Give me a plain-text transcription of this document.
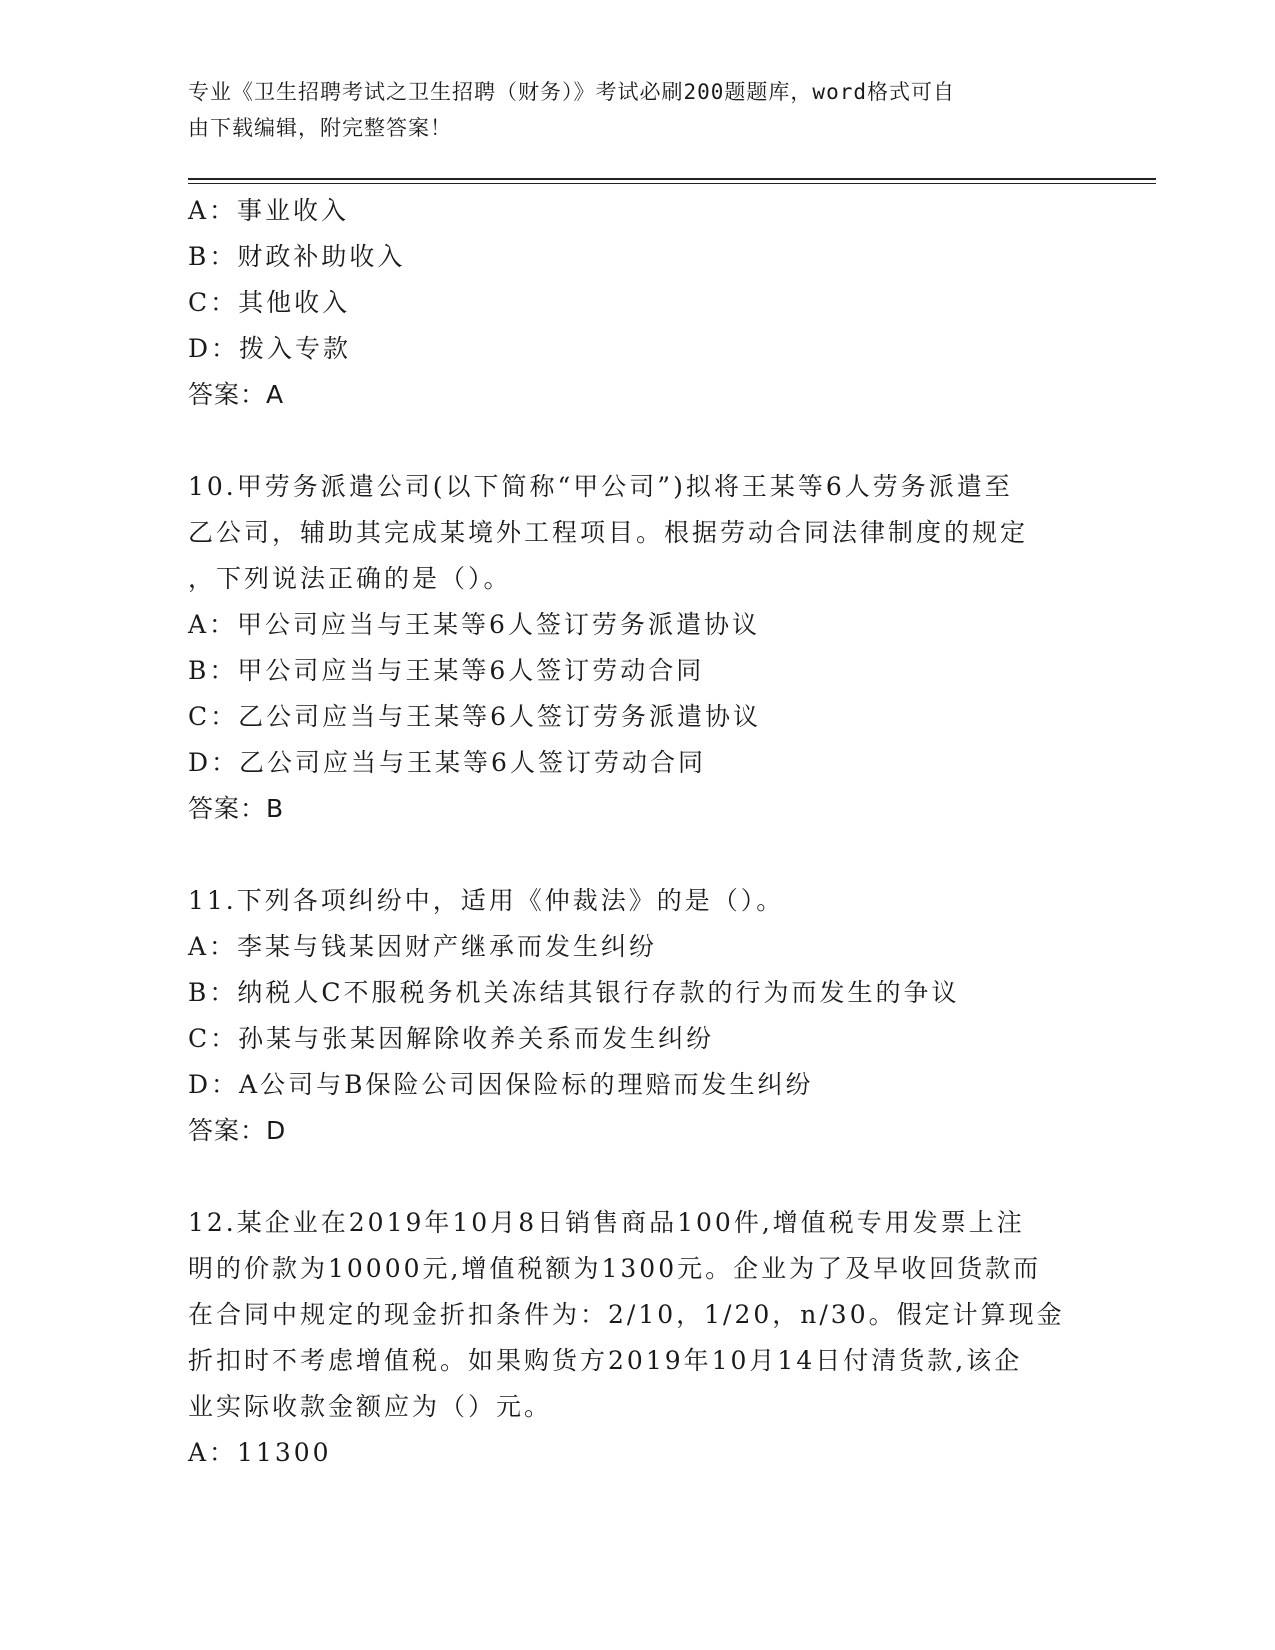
专业《卫生招聘考试之卫生招聘（财务）》考试必刷200题题库，word格式可自
由下载编辑，附完整答案！
A：事业收入
B：财政补助收入
C：其他收入
D：拨入专款
答案：A
10.甲劳务派遣公司(以下简称“甲公司”)拟将王某等6人劳务派遣至
乙公司，辅助其完成某境外工程项目。根据劳动合同法律制度的规定
，下列说法正确的是（）。
A：甲公司应当与王某等6人签订劳务派遣协议
B：甲公司应当与王某等6人签订劳动合同
C：乙公司应当与王某等6人签订劳务派遣协议
D：乙公司应当与王某等6人签订劳动合同
答案：B
11.下列各项纠纷中，适用《仲裁法》的是（）。
A：李某与钱某因财产继承而发生纠纷
B：纳税人C不服税务机关冻结其银行存款的行为而发生的争议
C：孙某与张某因解除收养关系而发生纠纷
D：A公司与B保险公司因保险标的理赔而发生纠纷
答案：D
12.某企业在2019年10月8日销售商品100件,增值税专用发票上注
明的价款为10000元,增值税额为1300元。企业为了及早收回货款而
在合同中规定的现金折扣条件为：2/10，1/20，n/30。假定计算现金
折扣时不考虑增值税。如果购货方2019年10月14日付清货款,该企
业实际收款金额应为（）元。
A：11300
